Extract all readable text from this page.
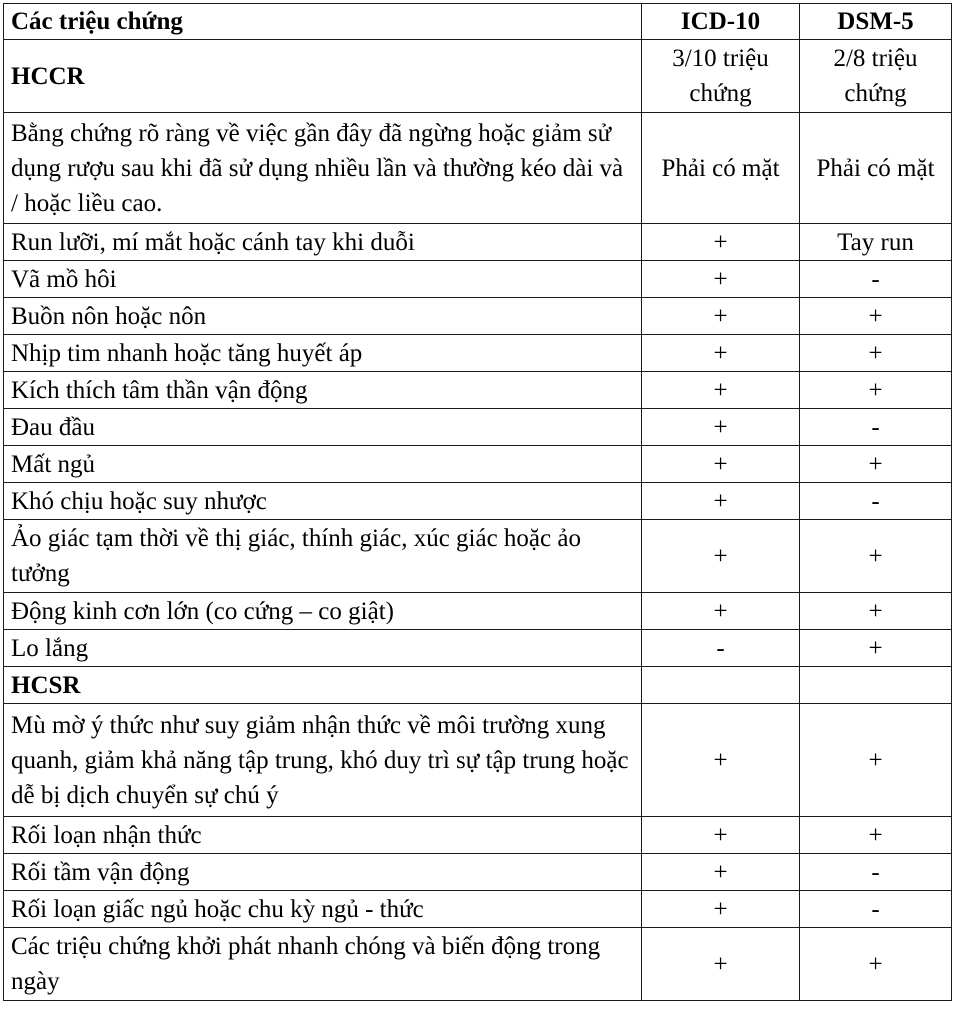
Các triệu chứng	ICD-10	DSM-5
HCCR	3/10 triệu chứng	2/8 triệu chứng
Bằng chứng rõ ràng về việc gần đây đã ngừng hoặc giảm sử dụng rượu sau khi đã sử dụng nhiều lần và thường kéo dài và / hoặc liều cao.	Phải có mặt	Phải có mặt
Run lưỡi, mí mắt hoặc cánh tay khi duỗi	+	Tay run
Vã mồ hôi	+	-
Buồn nôn hoặc nôn	+	+
Nhịp tim nhanh hoặc tăng huyết áp	+	+
Kích thích tâm thần vận động	+	+
Đau đầu	+	-
Mất ngủ	+	+
Khó chịu hoặc suy nhược	+	-
Ảo giác tạm thời về thị giác, thính giác, xúc giác hoặc ảo tưởng	+	+
Động kinh cơn lớn (co cứng – co giật)	+	+
Lo lắng	-	+
HCSR		
Mù mờ ý thức như suy giảm nhận thức về môi trường xung quanh, giảm khả năng tập trung, khó duy trì sự tập trung hoặc dễ bị dịch chuyển sự chú ý	+	+
Rối loạn nhận thức	+	+
Rối tầm vận động	+	-
Rối loạn giấc ngủ hoặc chu kỳ ngủ - thức	+	-
Các triệu chứng khởi phát nhanh chóng và biến động trong ngày	+	+
